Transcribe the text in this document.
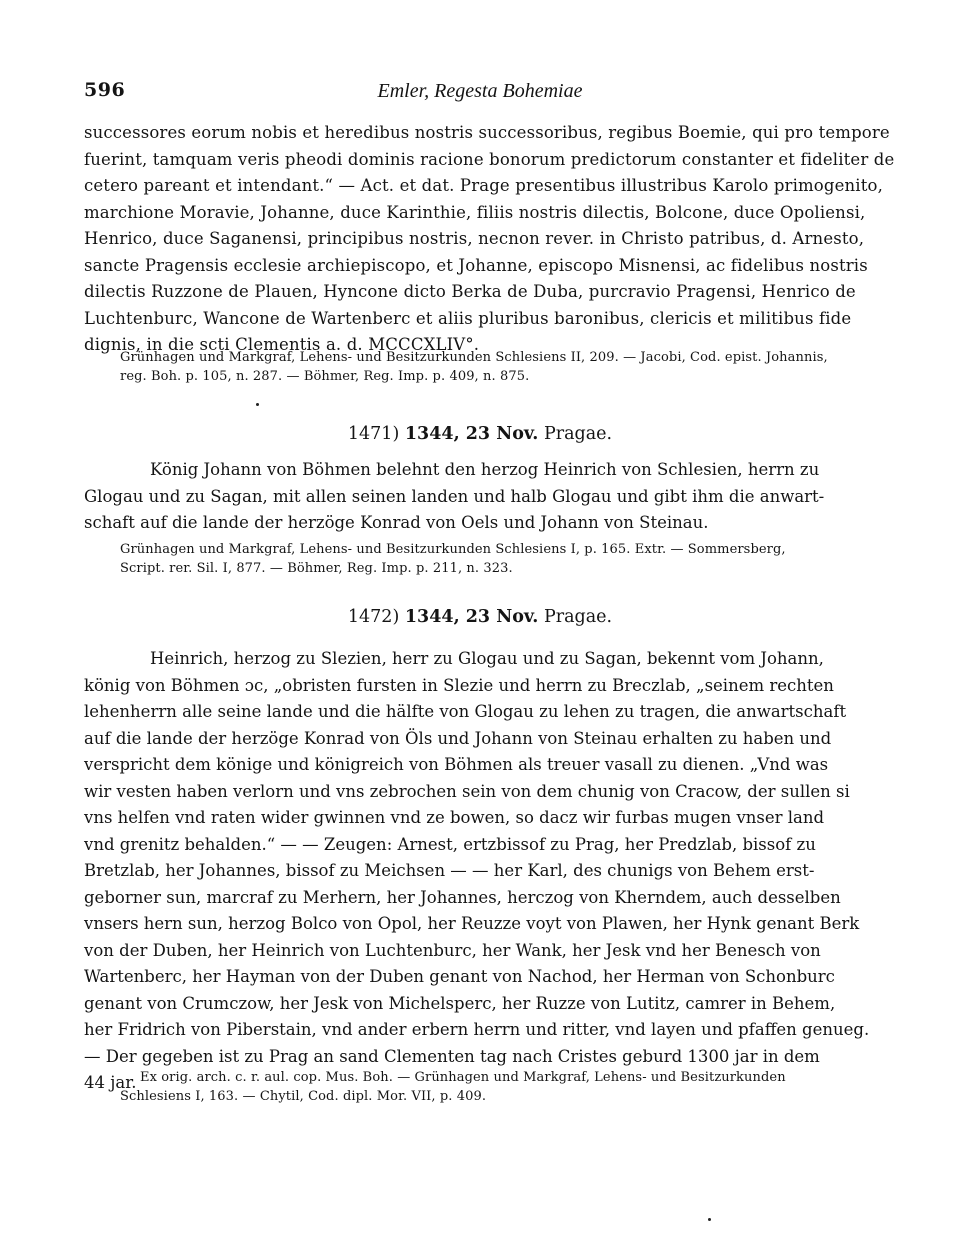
596	Emler, Regesta Bohemiae
successores eorum nobis et heredibus nostris successoribus, regibus Boemie, qui pro tempore
fuerint, tamquam veris pheodi dominis racione bonorum predictorum constanter et fideliter de
cetero pareant et intendant.“ — Act. et dat. Prage presentibus illustribus Karolo primogenito,
marchione Moravie, Johanne, duce Karinthie, filiis nostris dilectis, Bolcone, duce Opoliensi,
Henrico, duce Saganensi, principibus nostris, necnon rever. in Christo patribus, d. Arnesto,
sancte Pragensis ecclesie archiepiscopo, et Johanne, episcopo Misnensi, ac fidelibus nostris
dilectis Ruzzone de Plauen, Hyncone dicto Berka de Duba, purcravio Pragensi, Henrico de
Luchtenburc, Wancone de Wartenberc et aliis pluribus baronibus, clericis et militibus fide
dignis, in die scti Clementis a. d. MCCCXLIV°.
Grünhagen und Markgraf, Lehens- und Besitzurkunden Schlesiens II, 209. — Jacobi, Cod. epist. Johannis,
reg. Boh. p. 105, n. 287. — Böhmer, Reg. Imp. p. 409, n. 875.
1471) 1344, 23 Nov. Pragae.
König Johann von Böhmen belehnt den herzog Heinrich von Schlesien, herrn zu
Glogau und zu Sagan, mit allen seinen landen und halb Glogau und gibt ihm die anwart-
schaft auf die lande der herzöge Konrad von Oels und Johann von Steinau.
Grünhagen und Markgraf, Lehens- und Besitzurkunden Schlesiens I, p. 165. Extr. — Sommersberg,
Script. rer. Sil. I, 877. — Böhmer, Reg. Imp. p. 211, n. 323.
1472) 1344, 23 Nov. Pragae.
Heinrich, herzog zu Slezien, herr zu Glogau und zu Sagan, bekennt vom Johann,
könig von Böhmen ɔc, „obristen fursten in Slezie und herrn zu Breczlab, „seinem rechten
lehenherrn alle seine lande und die hälfte von Glogau zu lehen zu tragen, die anwartschaft
auf die lande der herzöge Konrad von Öls und Johann von Steinau erhalten zu haben und
verspricht dem könige und königreich von Böhmen als treuer vasall zu dienen. „Vnd was
wir vesten haben verlorn und vns zebrochen sein von dem chunig von Cracow, der sullen si
vns helfen vnd raten wider gwinnen vnd ze bowen, so dacz wir furbas mugen vnser land
vnd grenitz behalden.“ — — Zeugen: Arnest, ertzbissof zu Prag, her Predzlab, bissof zu
Bretzlab, her Johannes, bissof zu Meichsen — — her Karl, des chunigs von Behem erst-
geborner sun, marcraf zu Merhern, her Johannes, herczog von Kherndem, auch desselben
vnsers hern sun, herzog Bolco von Opol, her Reuzze voyt von Plawen, her Hynk genant Berk
von der Duben, her Heinrich von Luchtenburc, her Wank, her Jesk vnd her Benesch von
Wartenberc, her Hayman von der Duben genant von Nachod, her Herman von Schonburc
genant von Crumczow, her Jesk von Michelsperc, her Ruzze von Lutitz, camrer in Behem,
her Fridrich von Piberstain, vnd ander erbern herrn und ritter, vnd layen und pfaffen genueg.
— Der gegeben ist zu Prag an sand Clementen tag nach Cristes geburd 1300 jar in dem
44 jar. Ex orig. arch. c. r. aul. cop. Mus. Boh. — Grünhagen und Markgraf, Lehens- und Besitzurkunden
Schlesiens I, 163. — Chytil, Cod. dipl. Mor. VII, p. 409.
